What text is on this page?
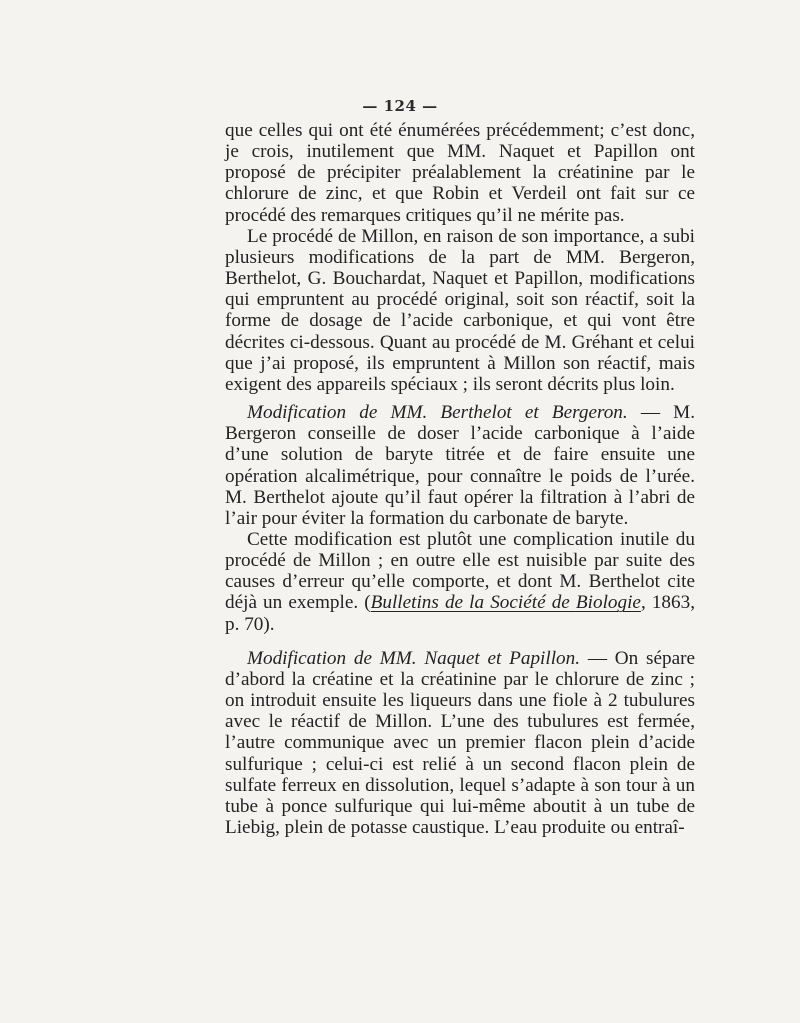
— 124 —

que celles qui ont été énumérées précédemment; c’est donc, je crois, inutilement que MM. Naquet et Papillon ont proposé de précipiter préalablement la créatinine par le chlorure de zinc, et que Robin et Verdeil ont fait sur ce procédé des remarques critiques qu’il ne mérite pas.

Le procédé de Millon, en raison de son importance, a subi plusieurs modifications de la part de MM. Bergeron, Berthelot, G. Bouchardat, Naquet et Papillon, modifications qui empruntent au procédé original, soit son réactif, soit la forme de dosage de l’acide carbonique, et qui vont être décrites ci-dessous. Quant au procédé de M. Gréhant et celui que j’ai proposé, ils empruntent à Millon son réactif, mais exigent des appareils spéciaux ; ils seront décrits plus loin.

Modification de MM. Berthelot et Bergeron. — M. Bergeron conseille de doser l’acide carbonique à l’aide d’une solution de baryte titrée et de faire ensuite une opération alcalimétrique, pour connaître le poids de l’urée. M. Berthelot ajoute qu’il faut opérer la filtration à l’abri de l’air pour éviter la formation du carbonate de baryte.

Cette modification est plutôt une complication inutile du procédé de Millon ; en outre elle est nuisible par suite des causes d’erreur qu’elle comporte, et dont M. Berthelot cite déjà un exemple. (Bulletins de la Société de Biologie, 1863, p. 70).

Modification de MM. Naquet et Papillon. — On sépare d’abord la créatine et la créatinine par le chlorure de zinc ; on introduit ensuite les liqueurs dans une fiole à 2 tubulures avec le réactif de Millon. L’une des tubulures est fermée, l’autre communique avec un premier flacon plein d’acide sulfurique ; celui-ci est relié à un second flacon plein de sulfate ferreux en dissolution, lequel s’adapte à son tour à un tube à ponce sulfurique qui lui-même aboutit à un tube de Liebig, plein de potasse caustique. L’eau produite ou entraî-
